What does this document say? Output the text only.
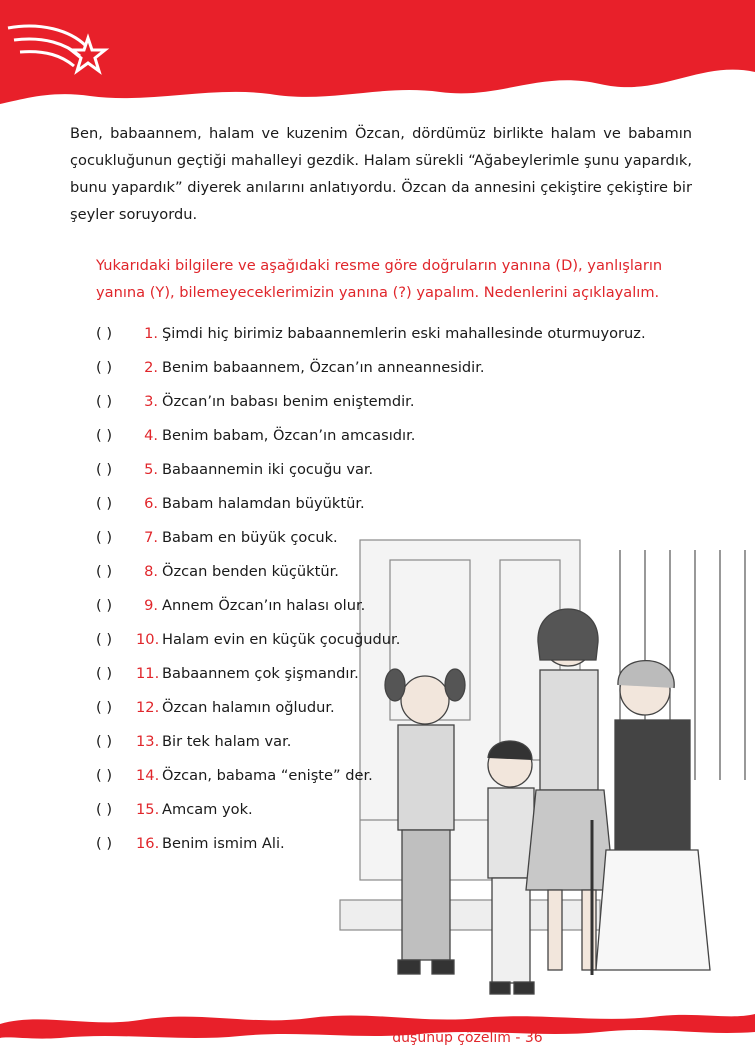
Ben, babaannem, halam ve kuzenim Özcan, dördümüz birlikte halam ve babamın çocukluğunun geçtiği mahalleyi gezdik. Halam sürekli “Ağabeylerimle şunu yapardık, bunu yapardık” diyerek anılarını anlatıyordu. Özcan da annesini çekiştire çekiştire bir şeyler soruyordu.
Yukarıdaki bilgilere ve aşağıdaki resme göre doğruların yanına (D), yanlışların yanına (Y), bilemeyeceklerimizin yanına (?) yapalım. Nedenlerini açıklayalım.
( )	1. Şimdi hiç birimiz babaannemlerin eski mahallesinde oturmuyoruz.
( )	2. Benim babaannem, Özcan’ın anneannesidir.
( )	3. Özcan’ın babası benim eniştemdir.
( )	4. Benim babam, Özcan’ın amcasıdır.
( )	5. Babaannemin iki çocuğu var.
( )	6. Babam halamdan büyüktür.
( )	7. Babam en büyük çocuk.
( )	8. Özcan benden küçüktür.
( )	9. Annem Özcan’ın halası olur.
( )	10. Halam evin en küçük çocuğudur.
( )	11. Babaannem çok şişmandır.
( )	12. Özcan halamın oğludur.
( )	13. Bir tek halam var.
( )	14. Özcan, babama “enişte” der.
( )	15. Amcam yok.
( )	16. Benim ismim Ali.
düşünüp çözelim - 36
